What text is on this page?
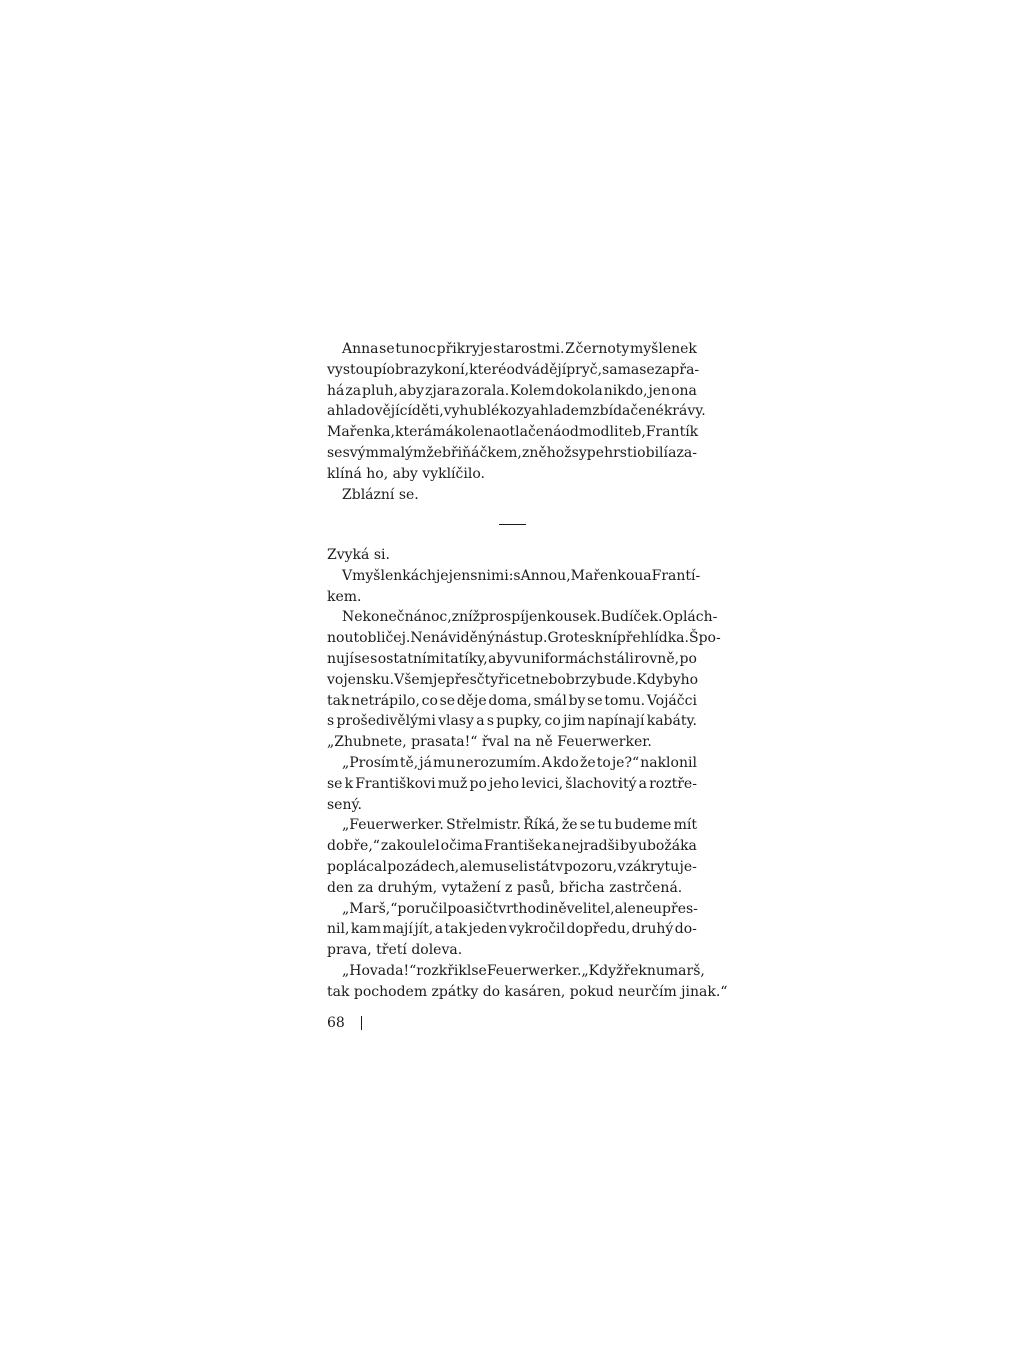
Anna se tu noc přikryje starostmi. Z černoty myšlenek
vystoupí obrazy koní, které odvádějí pryč, sama se zapřa-
há za pluh, aby zjara zorala. Kolem dokola nikdo, jen ona
a hladovějící děti, vyhublé kozy a hladem zbídačené krávy.
Mařenka, která má kolena otlačená od modliteb, Frantík
se svým malým žebřiňáčkem, z něhož sype hrsti obilí a za-
klíná ho, aby vyklíčilo.
Zblázní se.
Zvyká si.
V myšlenkách je jen s nimi: s Annou, Mařenkou a Frantí-
kem.
Nekonečná noc, z níž prospí jen kousek. Budíček. Oplách-
nout obličej. Nenáviděný nástup. Groteskní přehlídka. Špo-
nují se s ostatními tatíky, aby v uniformách stáli rovně, po
vojensku. Všem je přes čtyřicet nebo brzy bude. Kdyby ho
tak netrápilo, co se děje doma, smál by se tomu. Vojáčci
s prošedivělými vlasy a s pupky, co jim napínají kabáty.
„Zhubnete, prasata!“ řval na ně Feuerwerker.
„Prosím tě, já mu nerozumím. A kdo že to je?“ naklonil
se k Františkovi muž po jeho levici, šlachovitý a roztře-
sený.
„Feuerwerker. Střelmistr. Říká, že se tu budeme mít
dobře,“ zakoulel očima František a nejradši by ubožáka
poplácal po zádech, ale museli stát v pozoru, v zákrytu je-
den za druhým, vytažení z pasů, břicha zastrčená.
„Marš,“ poručil po asi čtvrthodině velitel, ale neupřes-
nil, kam mají jít, a tak jeden vykročil dopředu, druhý do-
prava, třetí doleva.
„Hovada!“ rozkřikl se Feuerwerker. „Když řeknu marš,
tak pochodem zpátky do kasáren, pokud neurčím jinak.“
68
